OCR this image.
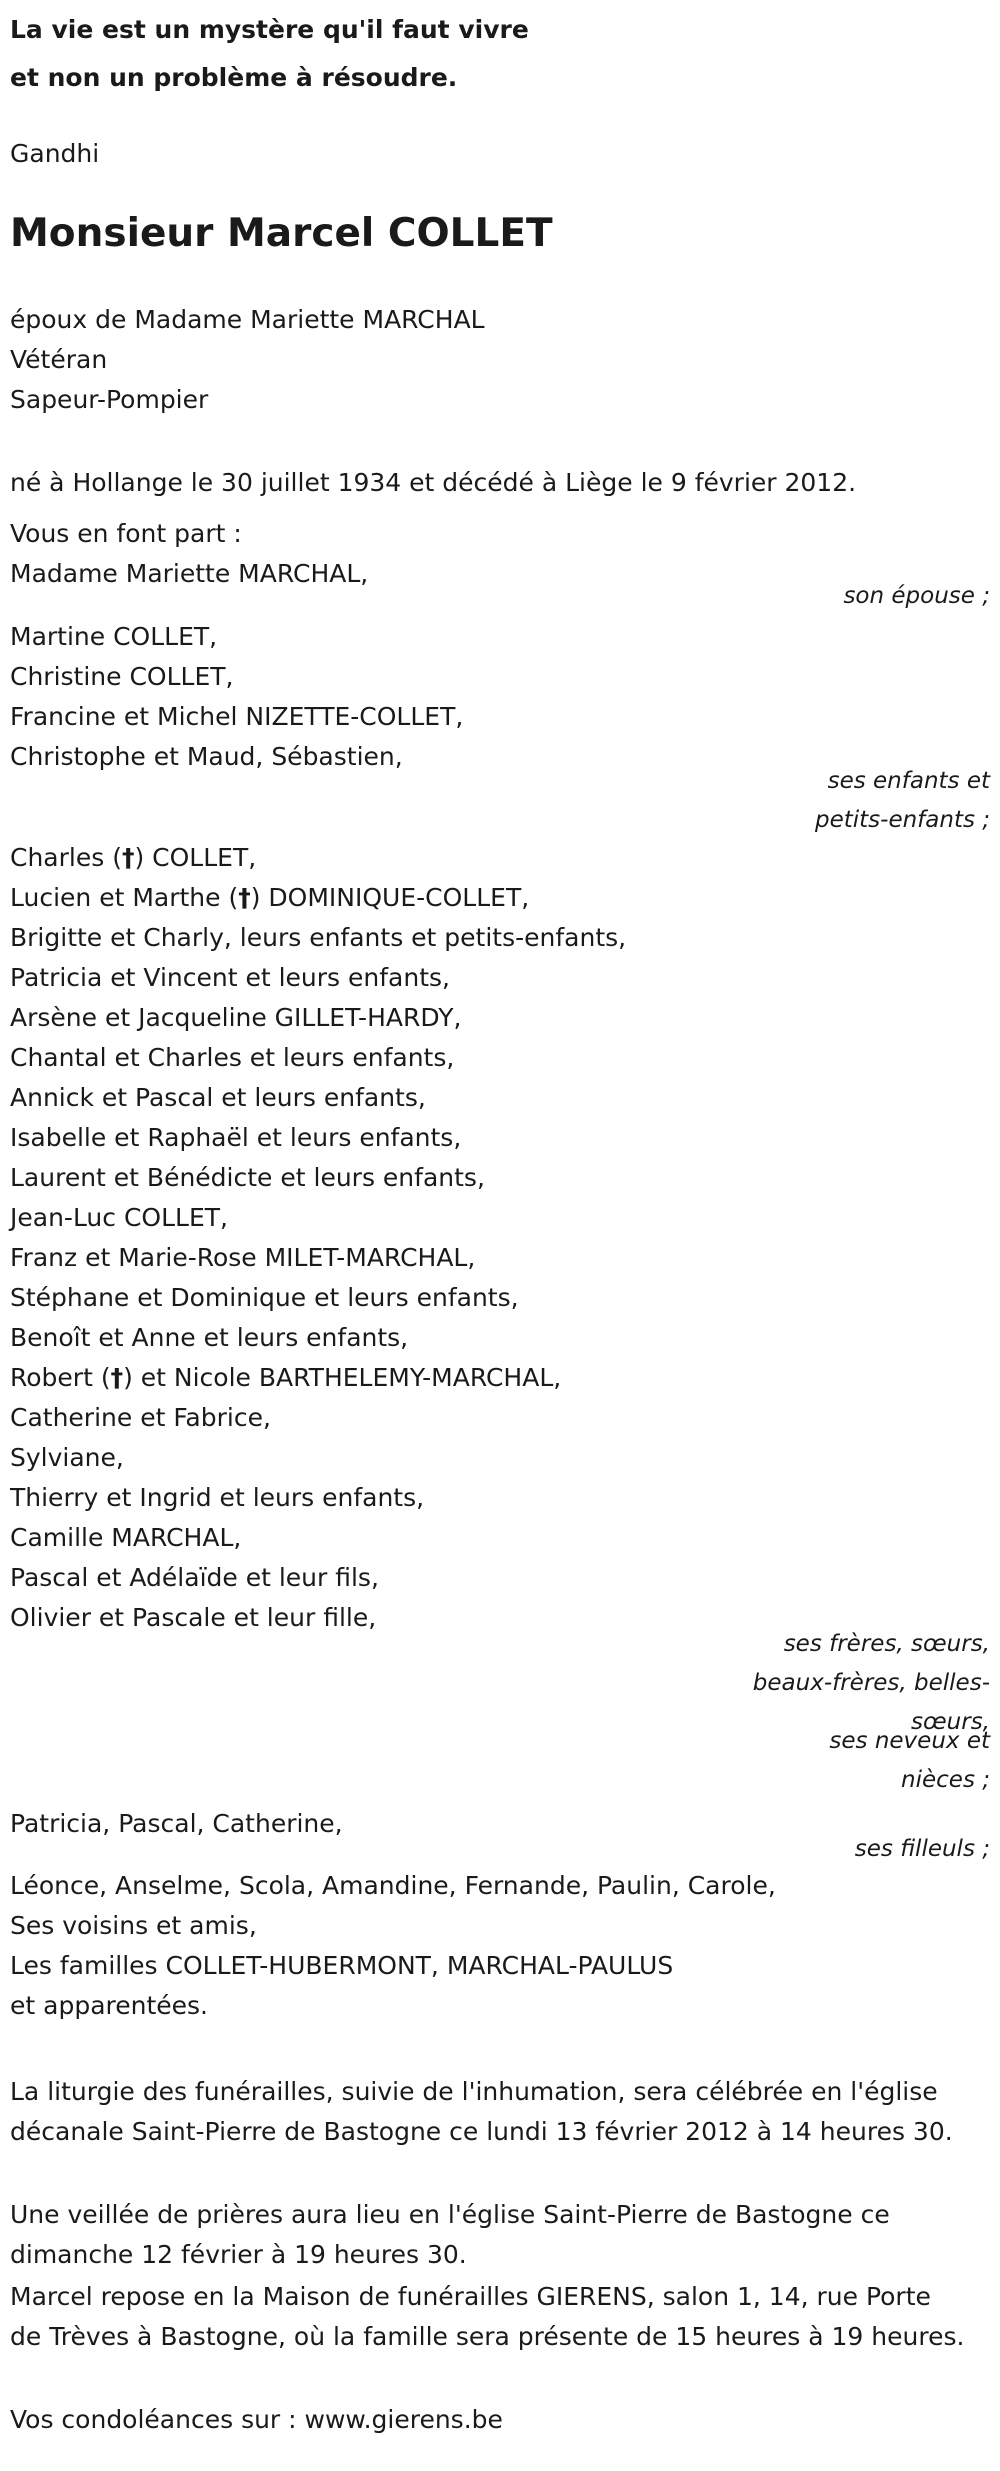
La vie est un mystère qu'il faut vivre
et non un problème à résoudre.
Gandhi
Monsieur Marcel COLLET
époux de Madame Mariette MARCHAL
Vétéran
Sapeur-Pompier
né à Hollange le 30 juillet 1934 et décédé à Liège le 9 février 2012.
Vous en font part :
Madame Mariette MARCHAL,
son épouse ;
Martine COLLET,
Christine COLLET,
Francine et Michel NIZETTE-COLLET,
Christophe et Maud, Sébastien,
ses enfants et
petits-enfants ;
Charles (†) COLLET,
Lucien et Marthe (†) DOMINIQUE-COLLET,
Brigitte et Charly, leurs enfants et petits-enfants,
Patricia et Vincent et leurs enfants,
Arsène et Jacqueline GILLET-HARDY,
Chantal et Charles et leurs enfants,
Annick et Pascal et leurs enfants,
Isabelle et Raphaël et leurs enfants,
Laurent et Bénédicte et leurs enfants,
Jean-Luc COLLET,
Franz et Marie-Rose MILET-MARCHAL,
Stéphane et Dominique et leurs enfants,
Benoît et Anne et leurs enfants,
Robert (†) et Nicole BARTHELEMY-MARCHAL,
Catherine et Fabrice,
Sylviane,
Thierry et Ingrid et leurs enfants,
Camille MARCHAL,
Pascal et Adélaïde et leur fils,
Olivier et Pascale et leur fille,
ses frères, sœurs,
beaux-frères, belles-
sœurs,
ses neveux et
nièces ;
Patricia, Pascal, Catherine,
ses filleuls ;
Léonce, Anselme, Scola, Amandine, Fernande, Paulin, Carole,
Ses voisins et amis,
Les familles COLLET-HUBERMONT, MARCHAL-PAULUS
et apparentées.
La liturgie des funérailles, suivie de l'inhumation, sera célébrée en l'église décanale Saint-Pierre de Bastogne ce lundi 13 février 2012 à 14 heures 30.
Une veillée de prières aura lieu en l'église Saint-Pierre de Bastogne ce dimanche 12 février à 19 heures 30.
Marcel repose en la Maison de funérailles GIERENS, salon 1, 14, rue Porte de Trèves à Bastogne, où la famille sera présente de 15 heures à 19 heures.
Vos condoléances sur : www.gierens.be
